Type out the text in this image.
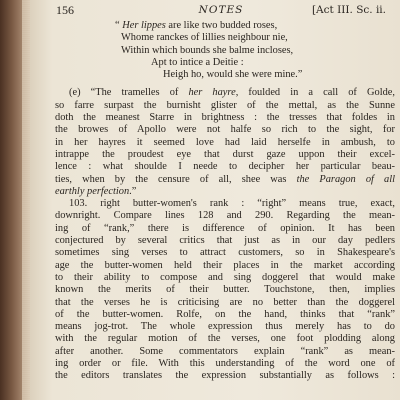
156	NOTES	[Act III. Sc. ii.
“ Her lippes are like two budded roses,
Whome ranckes of lillies neighbour nie,
Within which bounds she balme incloses,
Apt to intice a Deitie :
Heigh ho, would she were mine.”
(e) “The tramelles of her hayre, foulded in a call of Golde,
so farre surpast the burnisht glister of the mettal, as the Sunne
doth the meanest Starre in brightness : the tresses that foldes in
the browes of Apollo were not halfe so rich to the sight, for
in her hayres it seemed love had laid herselfe in ambush, to
intrappe the proudest eye that durst gaze uppon their excel-
lence : what shoulde I neede to decipher her particular beau-
ties, when by the censure of all, shee was the Paragon of all
earthly perfection.”
103. right butter-women's rank : “right” means true, exact,
downright. Compare lines 128 and 290. Regarding the mean-
ing of “rank,” there is difference of opinion. It has been
conjectured by several critics that just as in our day pedlers
sometimes sing verses to attract customers, so in Shakespeare's
age the butter-women held their places in the market according
to their ability to compose and sing doggerel that would make
known the merits of their butter. Touchstone, then, implies
that the verses he is criticising are no better than the doggerel
of the butter-women. Rolfe, on the hand, thinks that “rank”
means jog-trot. The whole expression thus merely has to do
with the regular motion of the verses, one foot plodding along
after another. Some commentators explain “rank” as mean-
ing order or file. With this understanding of the word one of
the editors translates the expression substantially as follows :
